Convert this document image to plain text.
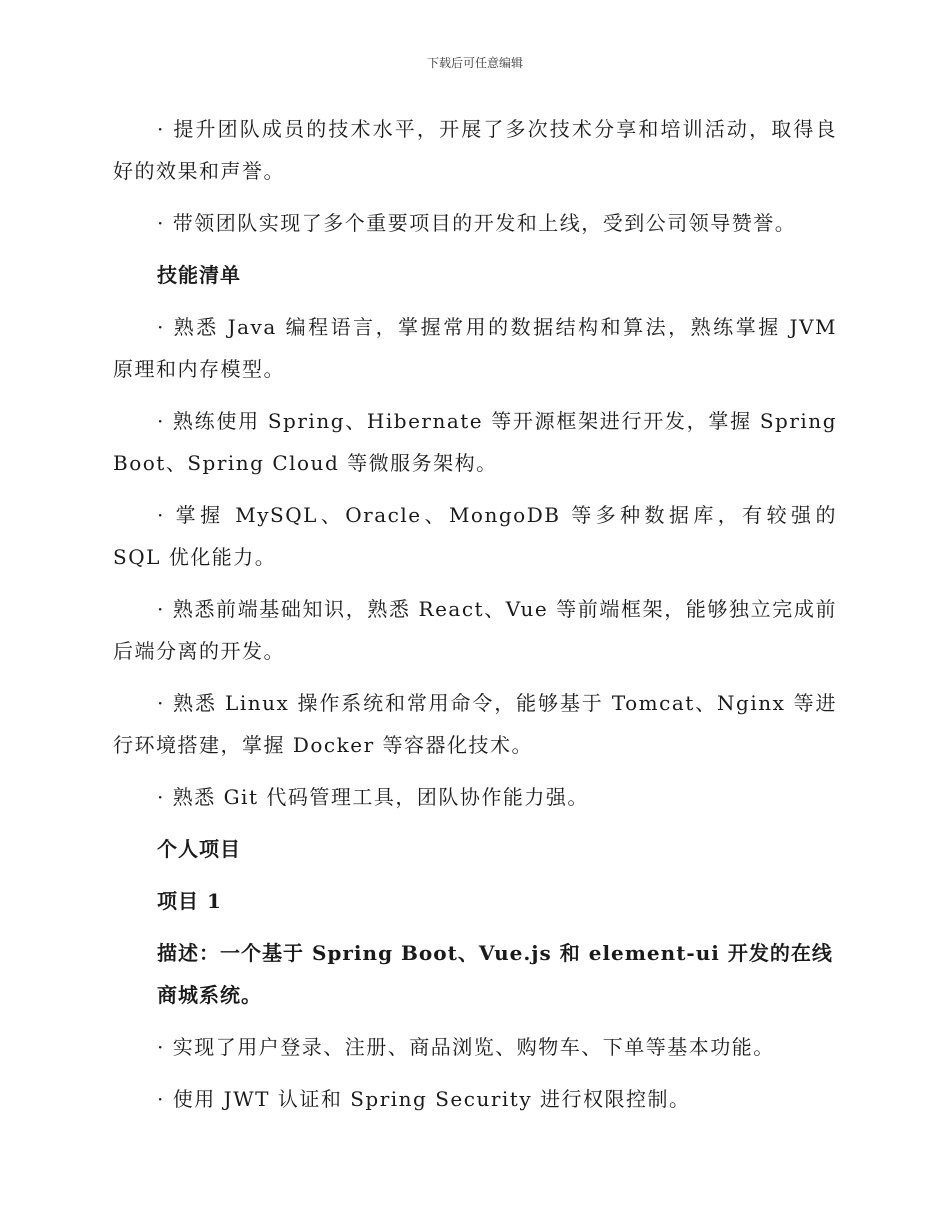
下载后可任意编辑

· 提升团队成员的技术水平，开展了多次技术分享和培训活动，取得良好的效果和声誉。

· 带领团队实现了多个重要项目的开发和上线，受到公司领导赞誉。

技能清单

· 熟悉 Java 编程语言，掌握常用的数据结构和算法，熟练掌握 JVM 原理和内存模型。

· 熟练使用 Spring、Hibernate 等开源框架进行开发，掌握 Spring Boot、Spring Cloud 等微服务架构。

· 掌握 MySQL、Oracle、MongoDB 等多种数据库，有较强的 SQL 优化能力。

· 熟悉前端基础知识，熟悉 React、Vue 等前端框架，能够独立完成前后端分离的开发。

· 熟悉 Linux 操作系统和常用命令，能够基于 Tomcat、Nginx 等进行环境搭建，掌握 Docker 等容器化技术。

· 熟悉 Git 代码管理工具，团队协作能力强。

个人项目

项目 1

描述：一个基于 Spring Boot、Vue.js 和 element-ui 开发的在线商城系统。

· 实现了用户登录、注册、商品浏览、购物车、下单等基本功能。

· 使用 JWT 认证和 Spring Security 进行权限控制。
